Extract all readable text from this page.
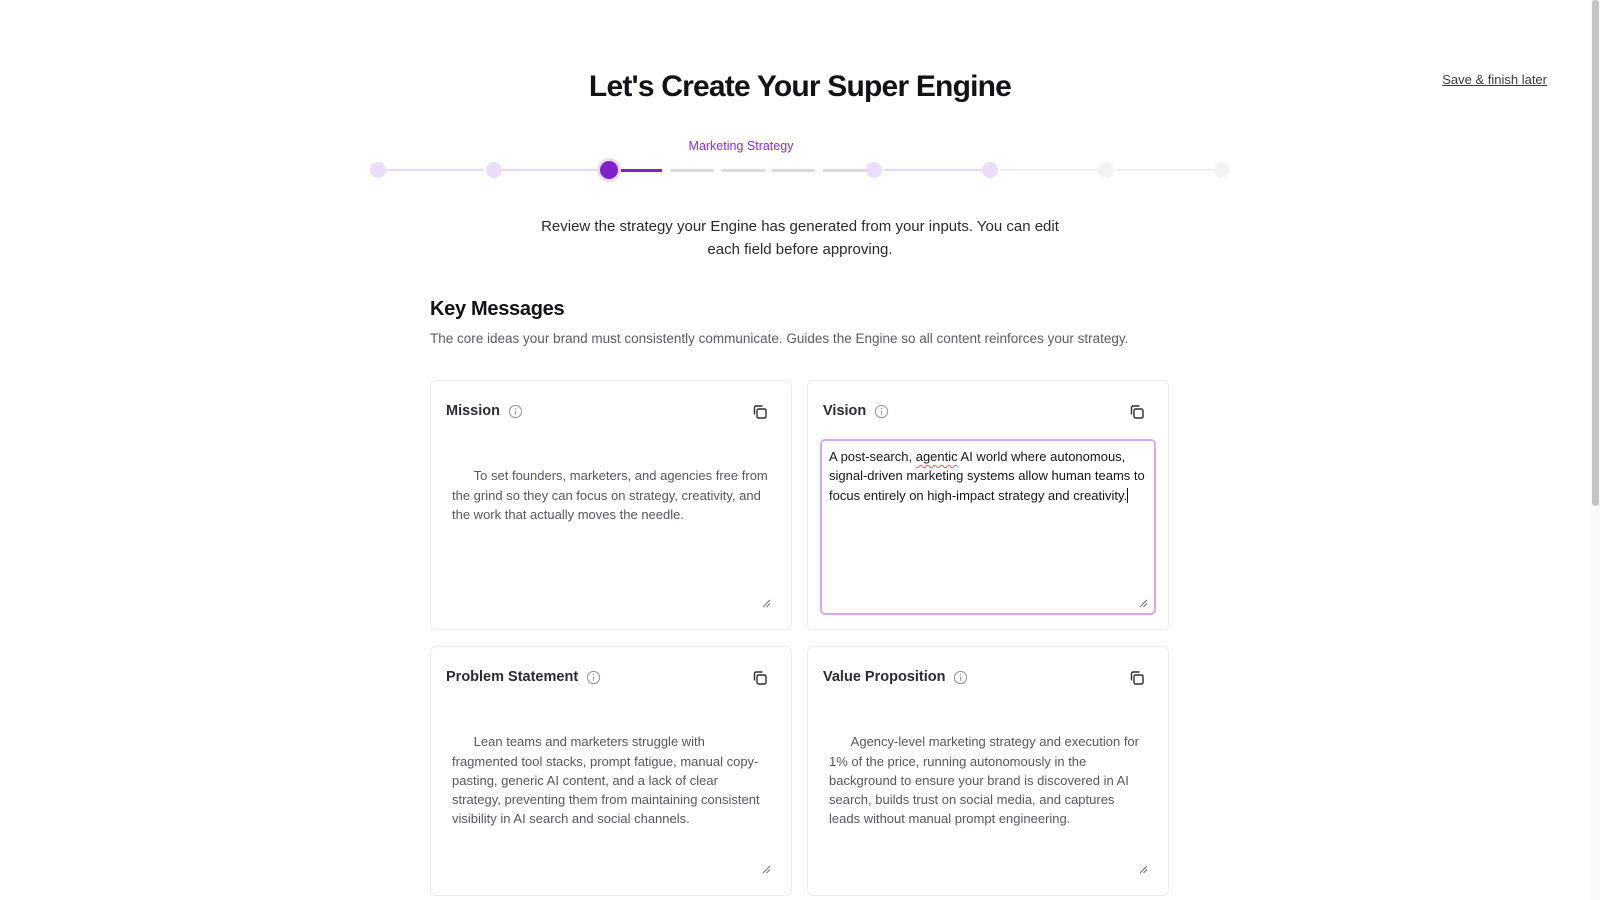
Save & finish later
Let's Create Your Super Engine
Marketing Strategy
Review the strategy your Engine has generated from your inputs. You can edit each field before approving.
Key Messages
The core ideas your brand must consistently communicate. Guides the Engine so all content reinforces your strategy.
Mission

To set founders, marketers, and agencies free from the grind so they can focus on strategy, creativity, and the work that actually moves the needle.

Vision
A post-search, agentic AI world where autonomous, signal-driven marketing systems allow human teams to focus entirely on high-impact strategy and creativity.

Problem Statement

Lean teams and marketers struggle with fragmented tool stacks, prompt fatigue, manual copy-pasting, generic AI content, and a lack of clear strategy, preventing them from maintaining consistent visibility in AI search and social channels.

Value Proposition

Agency-level marketing strategy and execution for 1% of the price, running autonomously in the background to ensure your brand is discovered in AI search, builds trust on social media, and captures leads without manual prompt engineering.
